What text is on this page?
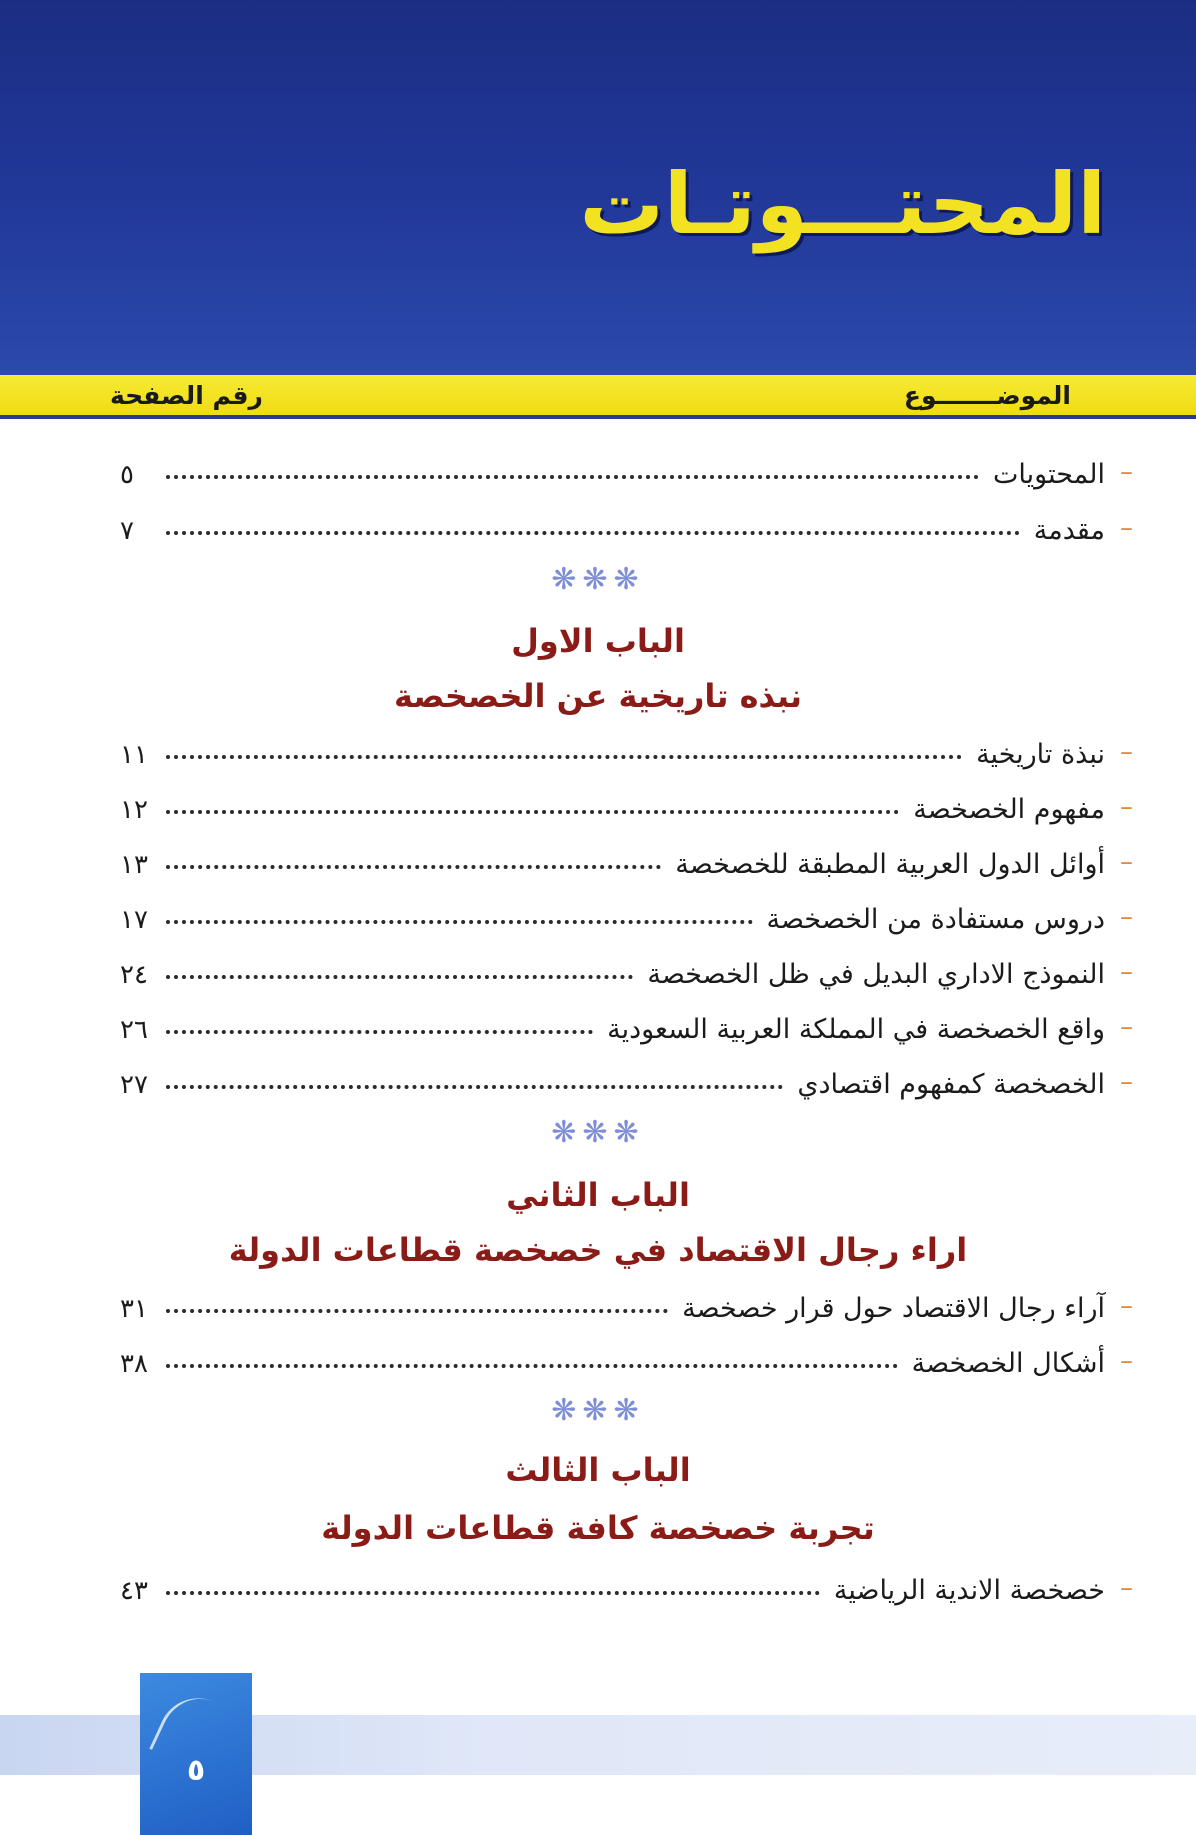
المحتـــوتـات
الموضـــــــوع
رقم الصفحة
–
المحتويات
٥
–
مقدمة
٧
❋❋❋
الباب الاول
نبذه تاريخية عن الخصخصة
–
نبذة تاريخية
١١
–
مفهوم الخصخصة
١٢
–
أوائل الدول العربية المطبقة للخصخصة
١٣
–
دروس مستفادة من الخصخصة
١٧
–
النموذج الاداري البديل في ظل الخصخصة
٢٤
–
واقع الخصخصة في المملكة العربية السعودية
٢٦
–
الخصخصة كمفهوم اقتصادي
٢٧
❋❋❋
الباب الثاني
اراء رجال الاقتصاد في خصخصة قطاعات الدولة
–
آراء رجال الاقتصاد حول قرار خصخصة
٣١
–
أشكال الخصخصة
٣٨
❋❋❋
الباب الثالث
تجربة خصخصة كافة قطاعات الدولة
–
خصخصة الاندية الرياضية
٤٣
٥
